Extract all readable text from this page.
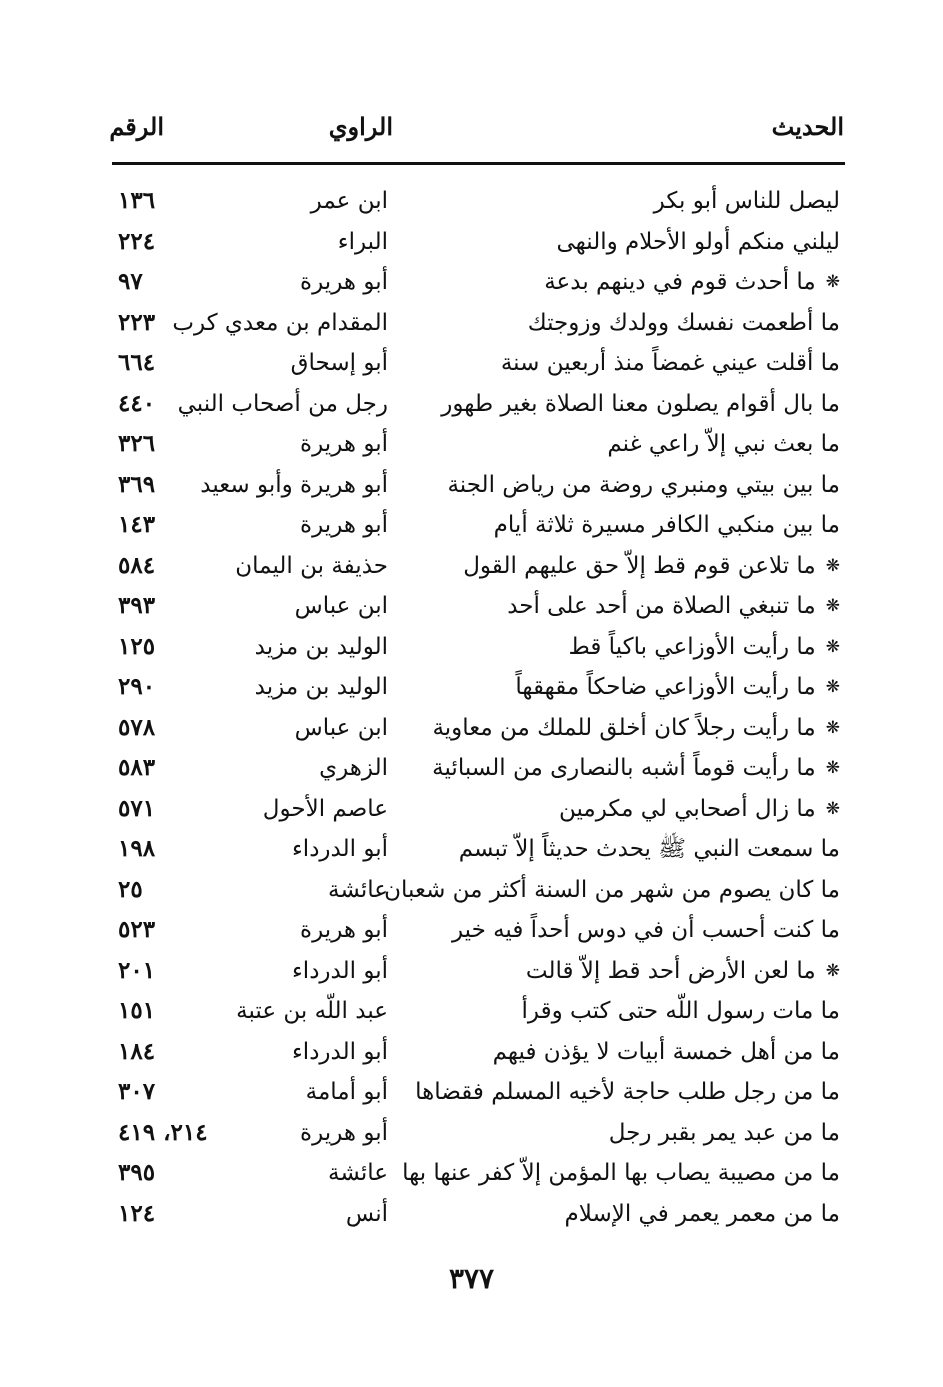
الحديث
الراوي
الرقم
ليصل للناس أبو بكر
ابن عمر
١٣٦
ليلني منكم أولو الأحلام والنهى
البراء
٢٢٤
❋ما أحدث قوم في دينهم بدعة
أبو هريرة
٩٧
ما أطعمت نفسك وولدك وزوجتك
المقدام بن معدي كرب
٢٢٣
ما أقلت عيني غمضاً منذ أربعين سنة
أبو إسحاق
٦٦٤
ما بال أقوام يصلون معنا الصلاة بغير طهور
رجل من أصحاب النبي
٤٤٠
ما بعث نبي إلاّ راعي غنم
أبو هريرة
٣٢٦
ما بين بيتي ومنبري روضة من رياض الجنة
أبو هريرة وأبو سعيد
٣٦٩
ما بين منكبي الكافر مسيرة ثلاثة أيام
أبو هريرة
١٤٣
❋ما تلاعن قوم قط إلاّ حق عليهم القول
حذيفة بن اليمان
٥٨٤
❋ما تنبغي الصلاة من أحد على أحد
ابن عباس
٣٩٣
❋ما رأيت الأوزاعي باكياً قط
الوليد بن مزيد
١٢٥
❋ما رأيت الأوزاعي ضاحكاً مقهقهاً
الوليد بن مزيد
٢٩٠
❋ما رأيت رجلاً كان أخلق للملك من معاوية
ابن عباس
٥٧٨
❋ما رأيت قوماً أشبه بالنصارى من السبائية
الزهري
٥٨٣
❋ما زال أصحابي لي مكرمين
عاصم الأحول
٥٧١
ما سمعت النبي ﷺ يحدث حديثاً إلاّ تبسم
أبو الدرداء
١٩٨
ما كان يصوم من شهر من السنة أكثر من شعبان
عائشة
٢٥
ما كنت أحسب أن في دوس أحداً فيه خير
أبو هريرة
٥٢٣
❋ما لعن الأرض أحد قط إلاّ قالت
أبو الدرداء
٢٠١
ما مات رسول اللّه حتى كتب وقرأ
عبد اللّه بن عتبة
١٥١
ما من أهل خمسة أبيات لا يؤذن فيهم
أبو الدرداء
١٨٤
ما من رجل طلب حاجة لأخيه المسلم فقضاها
أبو أمامة
٣٠٧
ما من عبد يمر بقبر رجل
أبو هريرة
٢١٤، ٤١٩
ما من مصيبة يصاب بها المؤمن إلاّ كفر عنها بها
عائشة
٣٩٥
ما من معمر يعمر في الإسلام
أنس
١٢٤
٣٧٧
